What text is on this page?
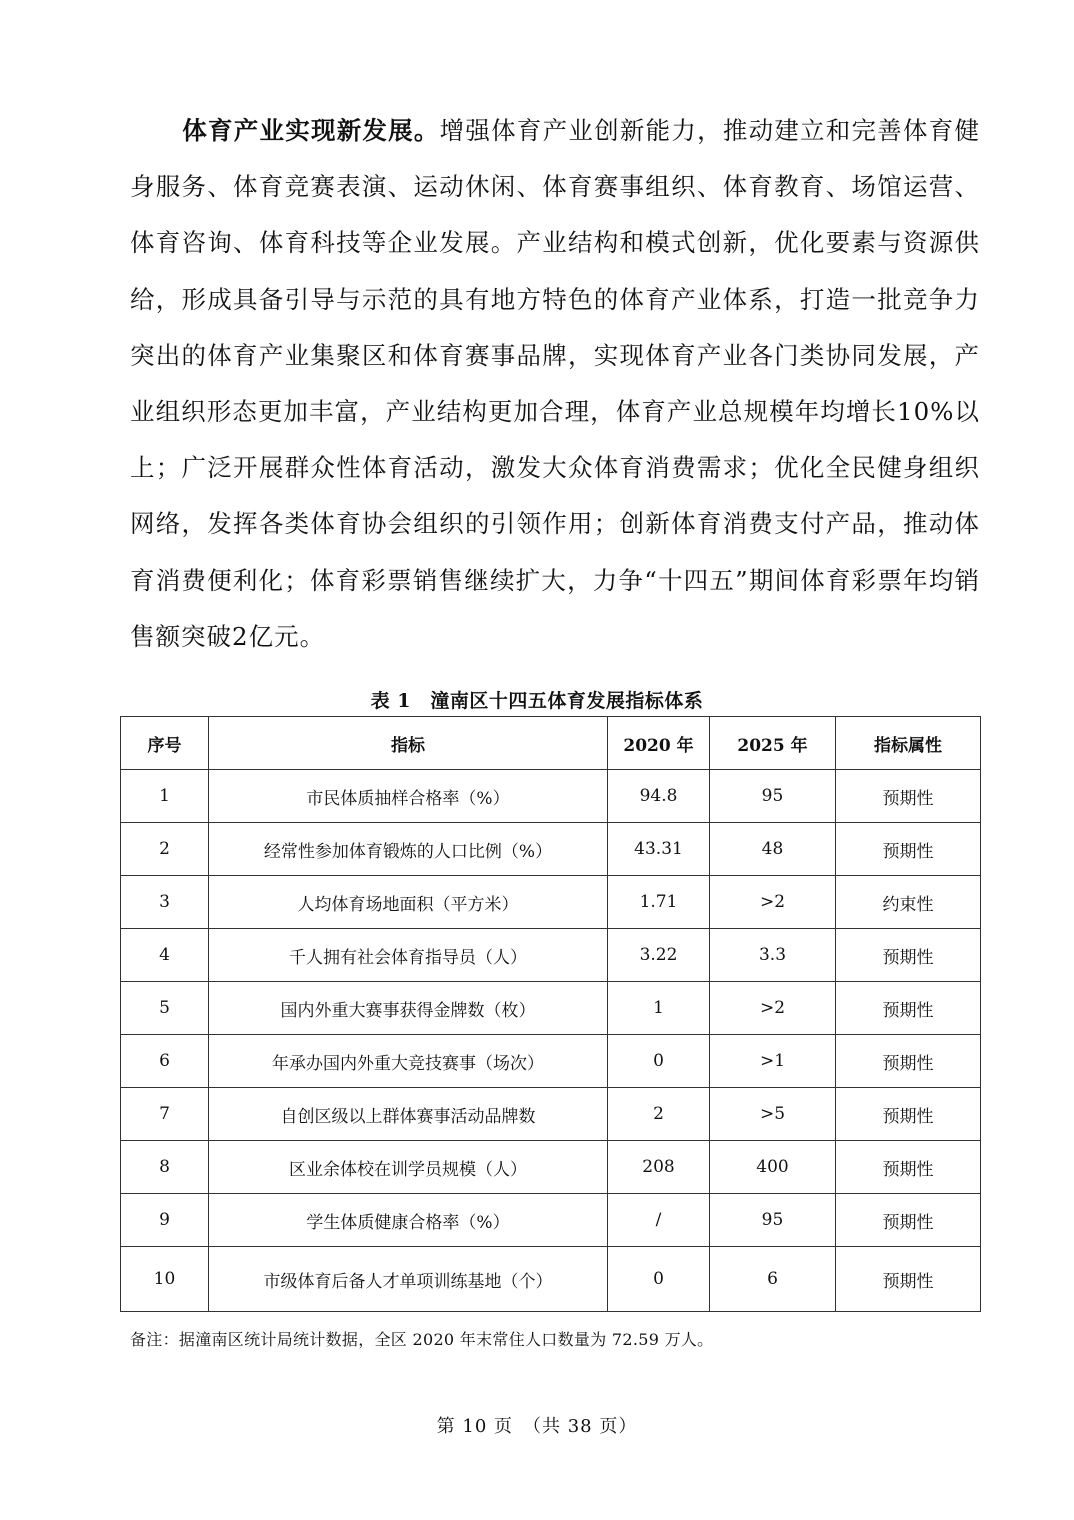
体育产业实现新发展。增强体育产业创新能力，推动建立和完善体育健身服务、体育竞赛表演、运动休闲、体育赛事组织、体育教育、场馆运营、体育咨询、体育科技等企业发展。产业结构和模式创新，优化要素与资源供给，形成具备引导与示范的具有地方特色的体育产业体系，打造一批竞争力突出的体育产业集聚区和体育赛事品牌，实现体育产业各门类协同发展，产业组织形态更加丰富，产业结构更加合理，体育产业总规模年均增长10%以上；广泛开展群众性体育活动，激发大众体育消费需求；优化全民健身组织网络，发挥各类体育协会组织的引领作用；创新体育消费支付产品，推动体育消费便利化；体育彩票销售继续扩大，力争“十四五”期间体育彩票年均销售额突破2亿元。

表 1　潼南区十四五体育发展指标体系
序号	指标	2020 年	2025 年	指标属性
1	市民体质抽样合格率（%）	94.8	95	预期性
2	经常性参加体育锻炼的人口比例（%）	43.31	48	预期性
3	人均体育场地面积（平方米）	1.71	>2	约束性
4	千人拥有社会体育指导员（人）	3.22	3.3	预期性
5	国内外重大赛事获得金牌数（枚）	1	>2	预期性
6	年承办国内外重大竞技赛事（场次）	0	>1	预期性
7	自创区级以上群体赛事活动品牌数	2	>5	预期性
8	区业余体校在训学员规模（人）	208	400	预期性
9	学生体质健康合格率（%）	/	95	预期性
10	市级体育后备人才单项训练基地（个）	0	6	预期性
备注：据潼南区统计局统计数据，全区 2020 年末常住人口数量为 72.59 万人。
第 10 页　（共 38 页）
